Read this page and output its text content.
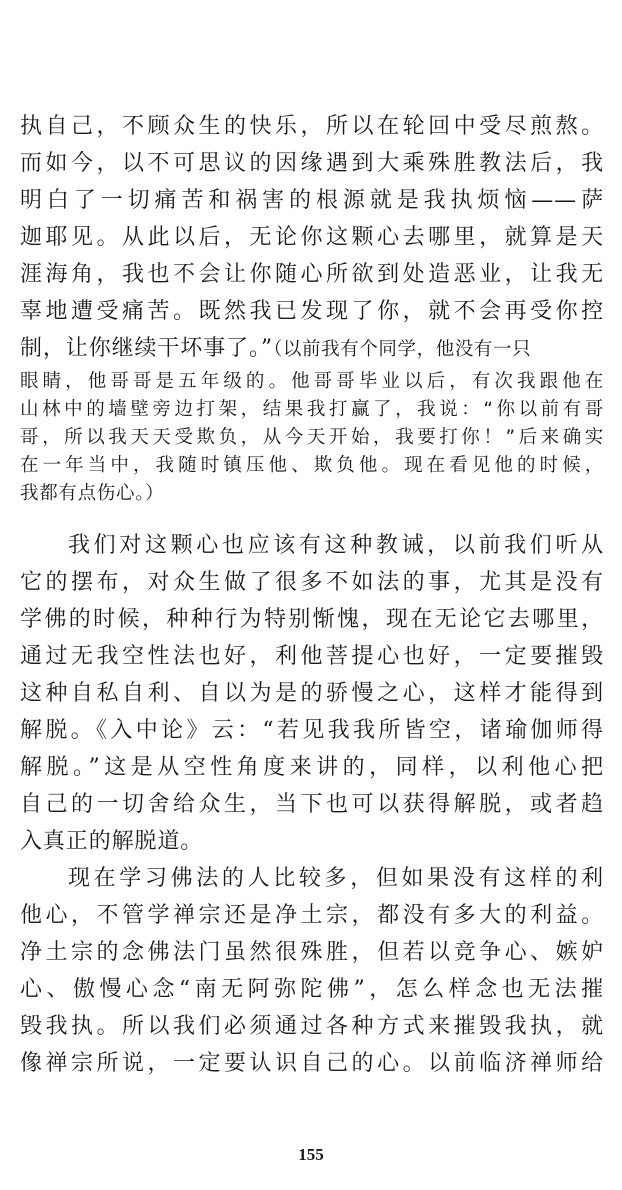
执自己，不顾众生的快乐，所以在轮回中受尽煎熬。
而如今，以不可思议的因缘遇到大乘殊胜教法后，我
明白了一切痛苦和祸害的根源就是我执烦恼——萨
迦耶见。从此以后，无论你这颗心去哪里，就算是天
涯海角，我也不会让你随心所欲到处造恶业，让我无
辜地遭受痛苦。既然我已发现了你，就不会再受你控
制，让你继续干坏事了。”（以前我有个同学，他没有一只
眼睛，他哥哥是五年级的。他哥哥毕业以后，有次我跟他在
山林中的墙壁旁边打架，结果我打赢了，我说：“你以前有哥
哥，所以我天天受欺负，从今天开始，我要打你！”后来确实
在一年当中，我随时镇压他、欺负他。现在看见他的时候，
我都有点伤心。）
我们对这颗心也应该有这种教诫，以前我们听从
它的摆布，对众生做了很多不如法的事，尤其是没有
学佛的时候，种种行为特别惭愧，现在无论它去哪里，
通过无我空性法也好，利他菩提心也好，一定要摧毁
这种自私自利、自以为是的骄慢之心，这样才能得到
解脱。《入中论》云：“若见我我所皆空，诸瑜伽师得
解脱。”这是从空性角度来讲的，同样，以利他心把
自己的一切舍给众生，当下也可以获得解脱，或者趋
入真正的解脱道。
现在学习佛法的人比较多，但如果没有这样的利
他心，不管学禅宗还是净土宗，都没有多大的利益。
净土宗的念佛法门虽然很殊胜，但若以竞争心、嫉妒
心、傲慢心念“南无阿弥陀佛”，怎么样念也无法摧
毁我执。所以我们必须通过各种方式来摧毁我执，就
像禅宗所说，一定要认识自己的心。以前临济禅师给
155
